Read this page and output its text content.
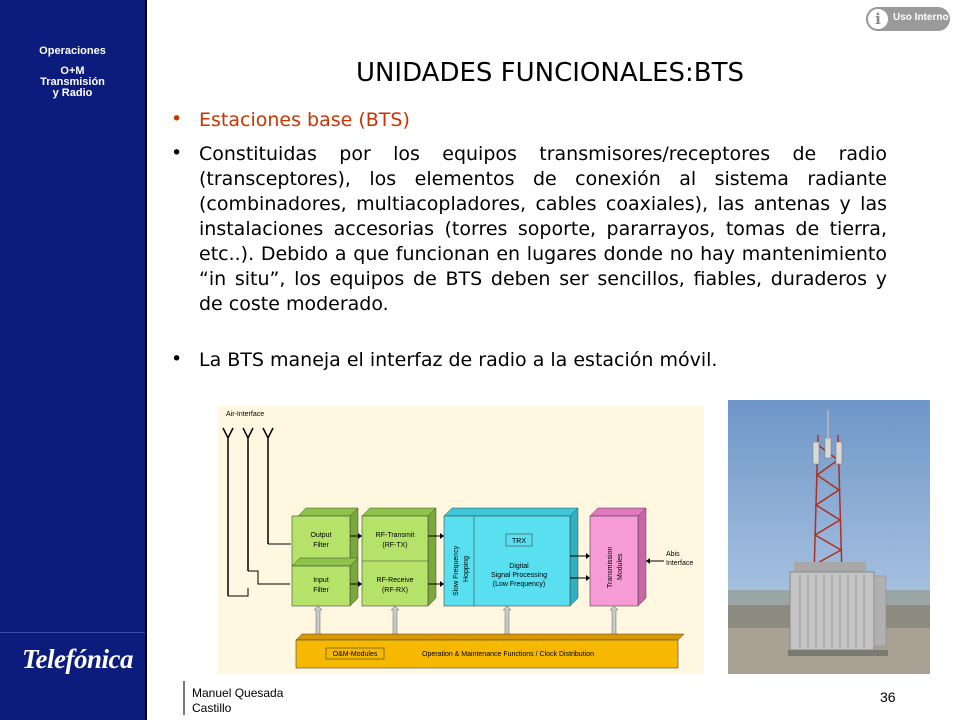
Operaciones
O+M
Transmisión
y Radio
Telefónica
i	Uso Interno
UNIDADES FUNCIONALES:BTS
• Estaciones base (BTS)
• Constituidas por los equipos transmisores/receptores de radio (transceptores), los elementos de conexión al sistema radiante (combinadores, multiacopladores, cables coaxiales), las antenas y las instalaciones accesorias (torres soporte, pararrayos, tomas de tierra, etc..). Debido a que funcionan en lugares donde no hay mantenimiento “in situ”, los equipos de BTS deben ser sencillos, fiables, duraderos y de coste moderado.
• La BTS maneja el interfaz de radio a la estación móvil.
Air-Interface
Output
Filter
Input
Filter
RF-Transmit
(RF-TX)
RF-Receive
(RF-RX)	Slow Frequency Hopping
TRX
Digital
Signal Processing
(Low Frequency)	Transmission Modules	Abis
Interface
O&M-Modules	Operation & Maintenance Functions / Clock Distribution
Manuel Quesada
Castillo
36
